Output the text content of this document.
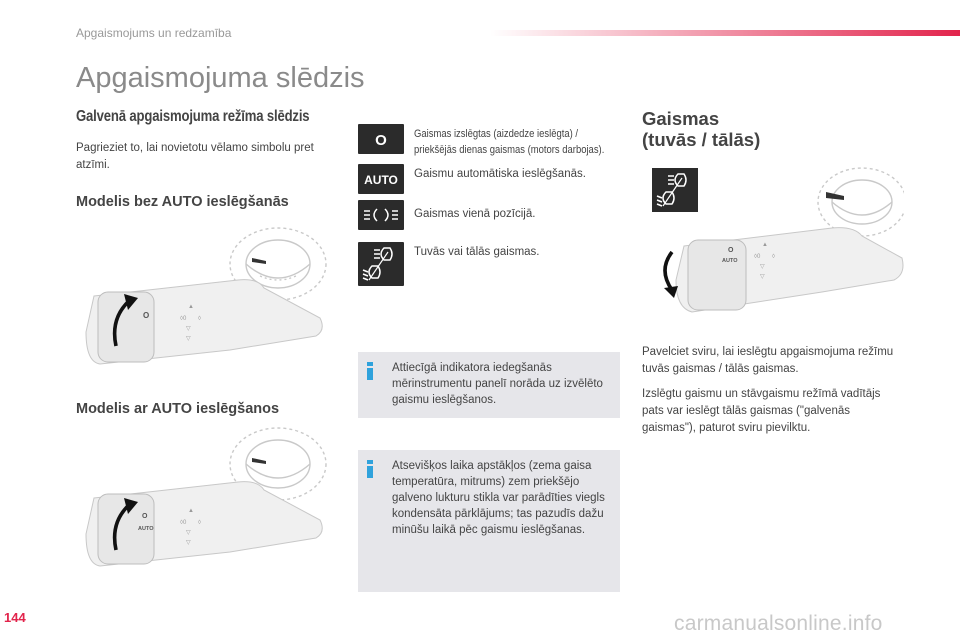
Apgaismojums un redzamība
Apgaismojuma slēdzis
Galvenā apgaismojuma režīma slēdzis

Pagrieziet to, lai novietotu vēlamo simbolu pret atzīmi.

Modelis bez AUTO ieslēgšanās
O
▲
◊0 ◊
▽
▽
Modelis ar AUTO ieslēgšanos
O
AUTO
▲
◊0 ◊
▽
▽
O Gaismas izslēgtas (aizdedze ieslēgta) / priekšējās dienas gaismas (motors darbojas).
AUTO Gaismu automātiska ieslēgšanās.
Gaismas vienā pozīcijā.
Tuvās vai tālās gaismas.
Attiecīgā indikatora iedegšanās mērinstrumentu panelī norāda uz izvēlēto gaismu ieslēgšanos.
Atsevišķos laika apstākļos (zema gaisa temperatūra, mitrums) zem priekšējo galveno lukturu stikla var parādīties viegls kondensāta pārklājums; tas pazudīs dažu minūšu laikā pēc gaismu ieslēgšanas.
Gaismas
(tuvās / tālās)
O
AUTO
▲
◊0 ◊
▽
▽

Pavelciet sviru, lai ieslēgtu apgaismojuma režīmu tuvās gaismas / tālās gaismas.

Izslēgtu gaismu un stāvgaismu režīmā vadītājs pats var ieslēgt tālās gaismas ("galvenās gaismas"), paturot sviru pievilktu.

144	carmanualsonline.info
